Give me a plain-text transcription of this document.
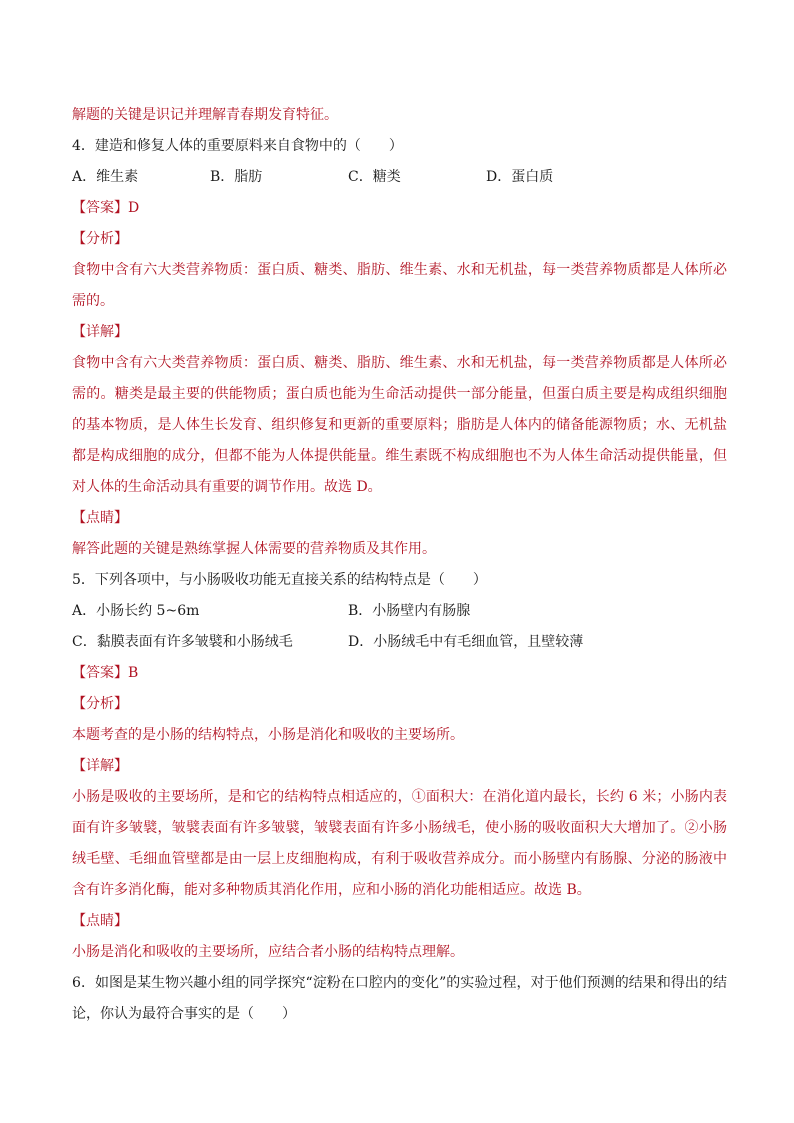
解题的关键是识记并理解青春期发育特征。
4．建造和修复人体的重要原料来自食物中的（　　）
A．维生素	B．脂肪	C．糖类	D．蛋白质
【答案】D
【分析】
食物中含有六大类营养物质：蛋白质、糖类、脂肪、维生素、水和无机盐，每一类营养物质都是人体所必需的。
【详解】
食物中含有六大类营养物质：蛋白质、糖类、脂肪、维生素、水和无机盐，每一类营养物质都是人体所必需的。糖类是最主要的供能物质；蛋白质也能为生命活动提供一部分能量，但蛋白质主要是构成组织细胞的基本物质，是人体生长发育、组织修复和更新的重要原料；脂肪是人体内的储备能源物质；水、无机盐都是构成细胞的成分，但都不能为人体提供能量。维生素既不构成细胞也不为人体生命活动提供能量，但对人体的生命活动具有重要的调节作用。故选 D。
【点睛】
解答此题的关键是熟练掌握人体需要的营养物质及其作用。
5．下列各项中，与小肠吸收功能无直接关系的结构特点是（　　）
A．小肠长约 5~6m	B．小肠壁内有肠腺
C．黏膜表面有许多皱襞和小肠绒毛	D．小肠绒毛中有毛细血管，且壁较薄
【答案】B
【分析】
本题考查的是小肠的结构特点，小肠是消化和吸收的主要场所。
【详解】
小肠是吸收的主要场所，是和它的结构特点相适应的，①面积大：在消化道内最长，长约 6 米；小肠内表面有许多皱襞，皱襞表面有许多皱襞，皱襞表面有许多小肠绒毛，使小肠的吸收面积大大增加了。②小肠绒毛壁、毛细血管壁都是由一层上皮细胞构成，有利于吸收营养成分。而小肠壁内有肠腺、分泌的肠液中含有许多消化酶，能对多种物质其消化作用，应和小肠的消化功能相适应。故选 B。
【点睛】
小肠是消化和吸收的主要场所，应结合者小肠的结构特点理解。
6．如图是某生物兴趣小组的同学探究“淀粉在口腔内的变化”的实验过程，对于他们预测的结果和得出的结论，你认为最符合事实的是（　　）
